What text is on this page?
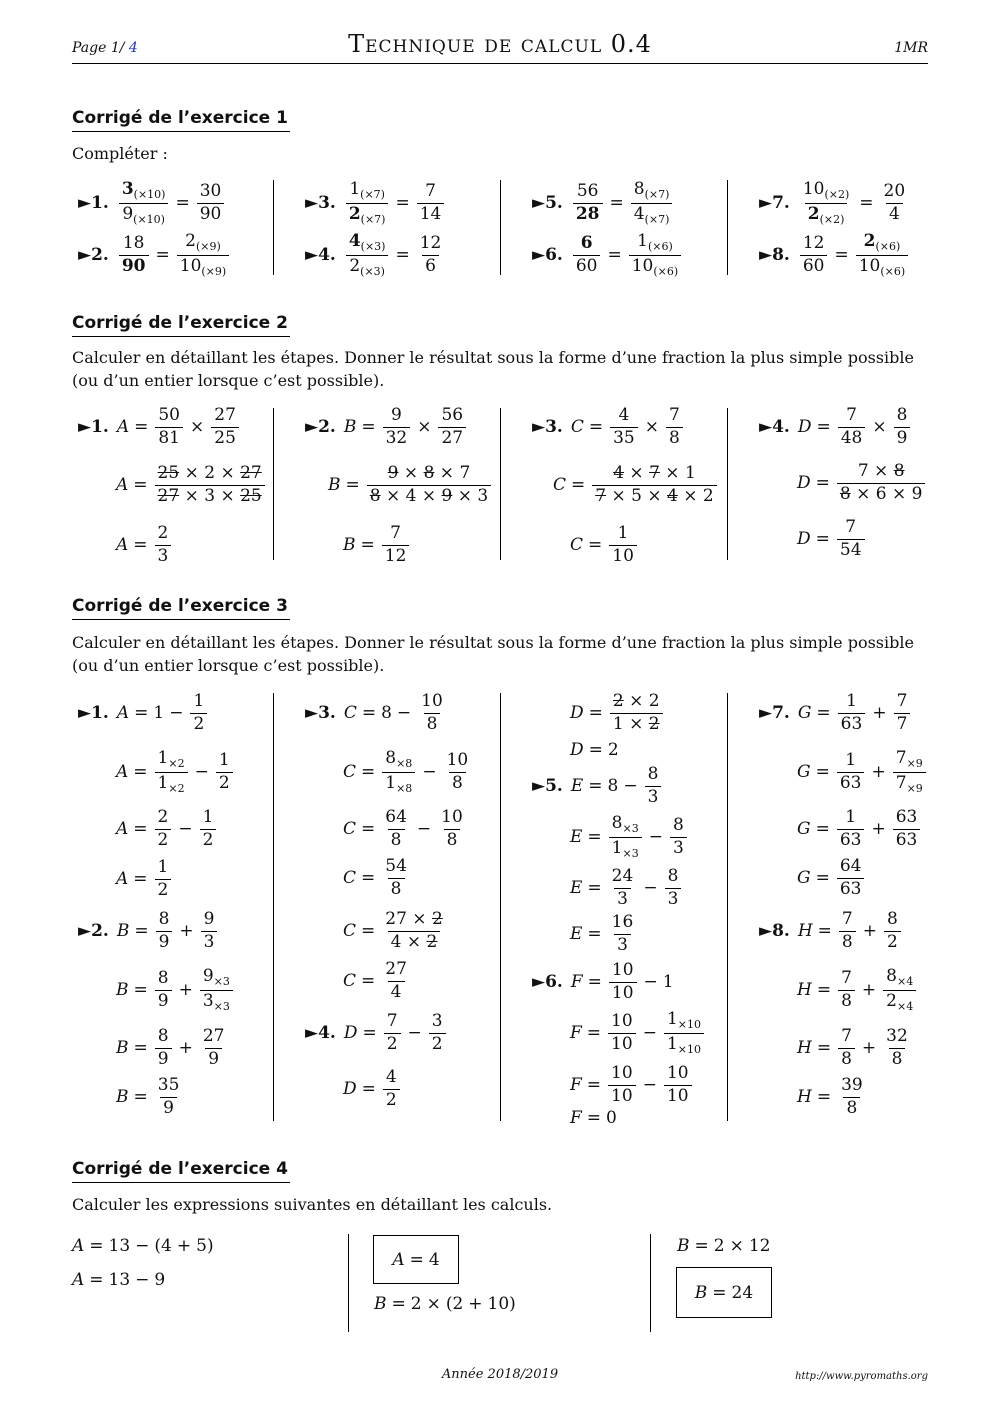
Page 1/ 4	Technique de calcul 0.4	1MR
Corrigé de l’exercice 1
Compléter :
►1. $\frac{3_{(\times 10)}}{9_{(\times 10)}} = \frac{30}{90}$
►2. $\frac{18}{90} = \frac{2_{(\times 9)}}{10_{(\times 9)}}$
►3. $\frac{1_{(\times 7)}}{2_{(\times 7)}} = \frac{7}{14}$
►4. $\frac{4_{(\times 3)}}{2_{(\times 3)}} = \frac{12}{6}$
►5. $\frac{56}{28} = \frac{8_{(\times 7)}}{4_{(\times 7)}}$
►6. $\frac{6}{60} = \frac{1_{(\times 6)}}{10_{(\times 6)}}$
►7. $\frac{10_{(\times 2)}}{2_{(\times 2)}} = \frac{20}{4}$
►8. $\frac{12}{60} = \frac{2_{(\times 6)}}{10_{(\times 6)}}$
Corrigé de l’exercice 2
Calculer en détaillant les étapes. Donner le résultat sous la forme d’une fraction la plus simple possible (ou d’un entier lorsque c’est possible).
►1. $A = \frac{50}{81} \times \frac{27}{25}$
$A = \frac{25 \times 2 \times 27}{27 \times 3 \times 25}$
$A = \frac{2}{3}$
►2. $B = \frac{9}{32} \times \frac{56}{27}$
$B = \frac{9 \times 8 \times 7}{8 \times 4 \times 9 \times 3}$
$B = \frac{7}{12}$
►3. $C = \frac{4}{35} \times \frac{7}{8}$
$C = \frac{4 \times 7 \times 1}{7 \times 5 \times 4 \times 2}$
$C = \frac{1}{10}$
►4. $D = \frac{7}{48} \times \frac{8}{9}$
$D = \frac{7 \times 8}{8 \times 6 \times 9}$
$D = \frac{7}{54}$
Corrigé de l’exercice 3
Calculer en détaillant les étapes. Donner le résultat sous la forme d’une fraction la plus simple possible (ou d’un entier lorsque c’est possible).
►1. $A = 1 - \frac{1}{2}$
$A = \frac{1_{\times 2}}{1_{\times 2}} - \frac{1}{2}$
$A = \frac{2}{2} - \frac{1}{2}$
$A = \frac{1}{2}$
►2. $B = \frac{8}{9} + \frac{9}{3}$
$B = \frac{8}{9} + \frac{9_{\times 3}}{3_{\times 3}}$
$B = \frac{8}{9} + \frac{27}{9}$
$B = \frac{35}{9}$
►3. $C = 8 - \frac{10}{8}$
$C = \frac{8_{\times 8}}{1_{\times 8}} - \frac{10}{8}$
$C = \frac{64}{8} - \frac{10}{8}$
$C = \frac{54}{8}$
$C = \frac{27 \times 2}{4 \times 2}$
$C = \frac{27}{4}$
►4. $D = \frac{7}{2} - \frac{3}{2}$
$D = \frac{4}{2}$
$D = \frac{2 \times 2}{1 \times 2}$
D = 2
►5. $E = 8 - \frac{8}{3}$
$E = \frac{8_{\times 3}}{1_{\times 3}} - \frac{8}{3}$
$E = \frac{24}{3} - \frac{8}{3}$
$E = \frac{16}{3}$
►6. $F = \frac{10}{10} - 1$
$F = \frac{10}{10} - \frac{1_{\times 10}}{1_{\times 10}}$
$F = \frac{10}{10} - \frac{10}{10}$
F = 0
►7. $G = \frac{1}{63} + \frac{7}{7}$
$G = \frac{1}{63} + \frac{7_{\times 9}}{7_{\times 9}}$
$G = \frac{1}{63} + \frac{63}{63}$
$G = \frac{64}{63}$
►8. $H = \frac{7}{8} + \frac{8}{2}$
$H = \frac{7}{8} + \frac{8_{\times 4}}{2_{\times 4}}$
$H = \frac{7}{8} + \frac{32}{8}$
$H = \frac{39}{8}$
Corrigé de l’exercice 4
Calculer les expressions suivantes en détaillant les calculs.
A = 13 − (4 + 5)
A = 13 − 9
A = 4
B = 2 × (2 + 10)
B = 2 × 12
B = 24
Année 2018/2019	http://www.pyromaths.org
